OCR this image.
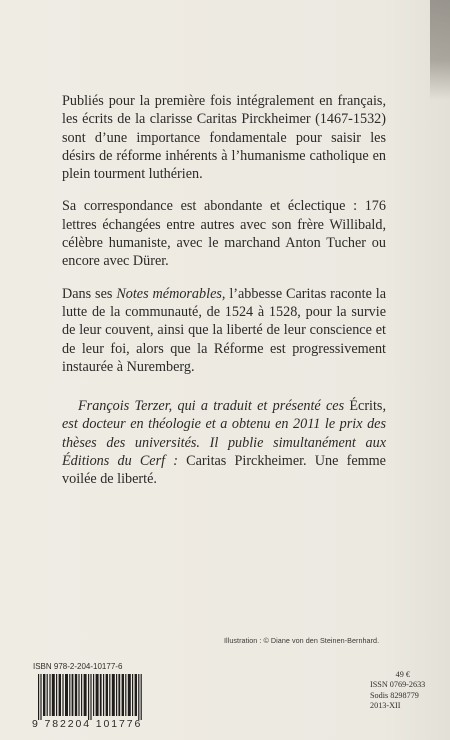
Publiés pour la première fois intégralement en français, les écrits de la clarisse Caritas Pirckheimer (1467-1532) sont d’une importance fondamentale pour saisir les désirs de réforme inhérents à l’humanisme catholique en plein tourment luthérien.

Sa correspondance est abondante et éclectique : 176 lettres échangées entre autres avec son frère Willibald, célèbre humaniste, avec le marchand Anton Tucher ou encore avec Dürer.

Dans ses Notes mémorables, l’abbesse Caritas raconte la lutte de la communauté, de 1524 à 1528, pour la survie de leur couvent, ainsi que la liberté de leur conscience et de leur foi, alors que la Réforme est progressivement instaurée à Nuremberg.

François Terzer, qui a traduit et présenté ces Écrits, est docteur en théologie et a obtenu en 2011 le prix des thèses des universités. Il publie simultanément aux Éditions du Cerf : Caritas Pirckheimer. Une femme voilée de liberté.

Illustration : © Diane von den Steinen-Bernhard.
ISBN 978-2-204-10177-6
9 782204 101776
49 €
ISSN 0769-2633
Sodis 8298779
2013-XII
